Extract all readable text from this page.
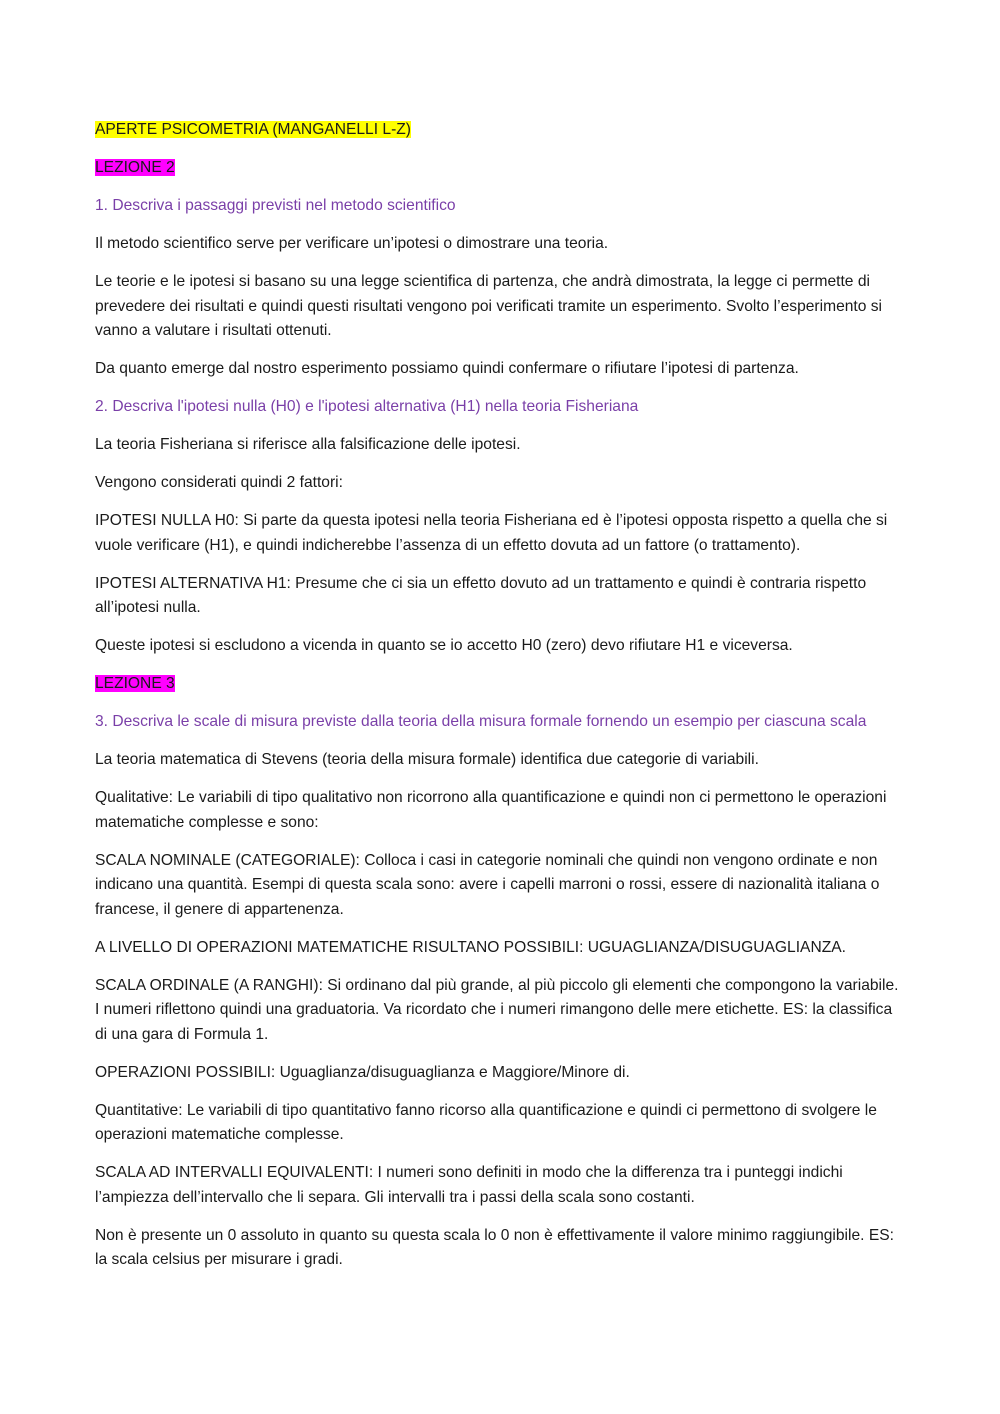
APERTE PSICOMETRIA (MANGANELLI L-Z)

LEZIONE 2

1. Descriva i passaggi previsti nel metodo scientifico

Il metodo scientifico serve per verificare un’ipotesi o dimostrare una teoria.

Le teorie e le ipotesi si basano su una legge scientifica di partenza, che andrà dimostrata, la legge ci permette di prevedere dei risultati e quindi questi risultati vengono poi verificati tramite un esperimento. Svolto l’esperimento si vanno a valutare i risultati ottenuti.

Da quanto emerge dal nostro esperimento possiamo quindi confermare o rifiutare l’ipotesi di partenza.

2. Descriva l'ipotesi nulla (H0) e l'ipotesi alternativa (H1) nella teoria Fisheriana

La teoria Fisheriana si riferisce alla falsificazione delle ipotesi.

Vengono considerati quindi 2 fattori:

IPOTESI NULLA H0: Si parte da questa ipotesi nella teoria Fisheriana ed è l’ipotesi opposta rispetto a quella che si vuole verificare (H1), e quindi indicherebbe l’assenza di un effetto dovuta ad un fattore (o trattamento).

IPOTESI ALTERNATIVA H1: Presume che ci sia un effetto dovuto ad un trattamento e quindi è contraria rispetto all’ipotesi nulla.

Queste ipotesi si escludono a vicenda in quanto se io accetto H0 (zero) devo rifiutare H1 e viceversa.

LEZIONE 3

3. Descriva le scale di misura previste dalla teoria della misura formale fornendo un esempio per ciascuna scala

La teoria matematica di Stevens (teoria della misura formale) identifica due categorie di variabili.

Qualitative: Le variabili di tipo qualitativo non ricorrono alla quantificazione e quindi non ci permettono le operazioni matematiche complesse e sono:

SCALA NOMINALE (CATEGORIALE): Colloca i casi in categorie nominali che quindi non vengono ordinate e non indicano una quantità. Esempi di questa scala sono: avere i capelli marroni o rossi, essere di nazionalità italiana o francese, il genere di appartenenza.

A LIVELLO DI OPERAZIONI MATEMATICHE RISULTANO POSSIBILI: UGUAGLIANZA/DISUGUAGLIANZA.

SCALA ORDINALE (A RANGHI): Si ordinano dal più grande, al più piccolo gli elementi che compongono la variabile. I numeri riflettono quindi una graduatoria. Va ricordato che i numeri rimangono delle mere etichette. ES: la classifica di una gara di Formula 1.

OPERAZIONI POSSIBILI: Uguaglianza/disuguaglianza e Maggiore/Minore di.

Quantitative: Le variabili di tipo quantitativo fanno ricorso alla quantificazione e quindi ci permettono di svolgere le operazioni matematiche complesse.

SCALA AD INTERVALLI EQUIVALENTI: I numeri sono definiti in modo che la differenza tra i punteggi indichi l’ampiezza dell’intervallo che li separa. Gli intervalli tra i passi della scala sono costanti.

Non è presente un 0 assoluto in quanto su questa scala lo 0 non è effettivamente il valore minimo raggiungibile. ES: la scala celsius per misurare i gradi.
